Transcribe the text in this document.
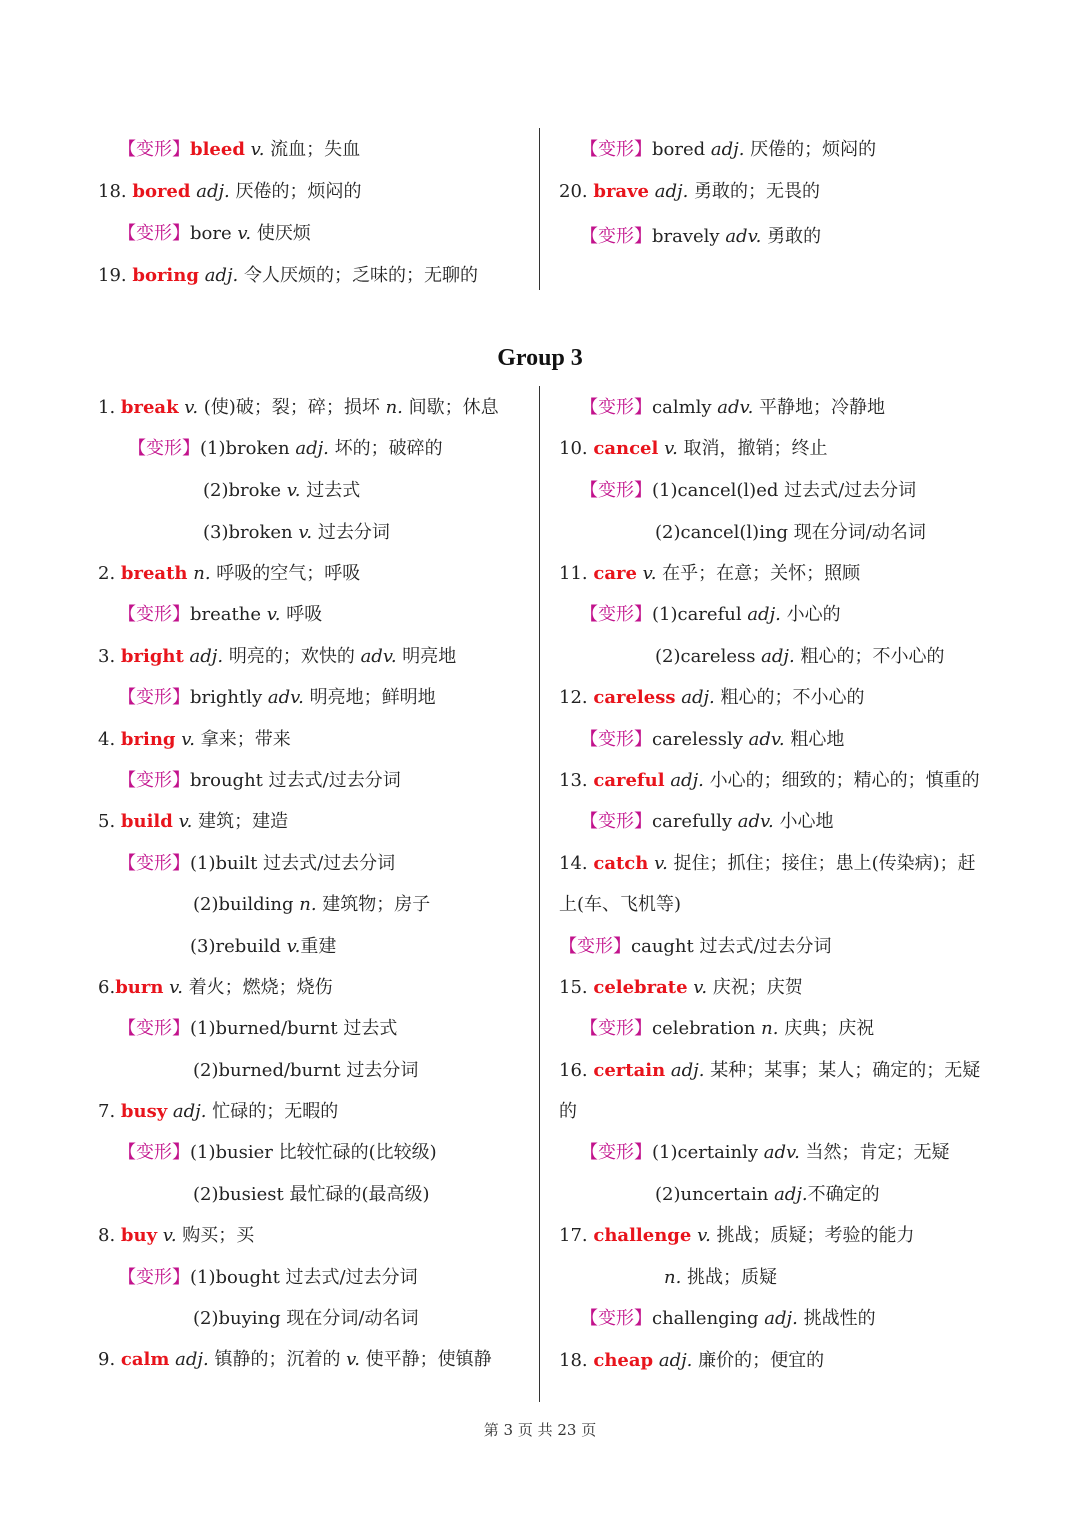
Group 3
【变形】bleed v. 流血；失血
18. bored adj. 厌倦的；烦闷的
【变形】bore v. 使厌烦
19. boring adj. 令人厌烦的；乏味的；无聊的
【变形】bored adj. 厌倦的；烦闷的
20. brave adj. 勇敢的；无畏的
【变形】bravely adv. 勇敢的
1. break v. (使)破；裂；碎；损坏 n. 间歇；休息
【变形】(1)broken adj. 坏的；破碎的
(2)broke v. 过去式
(3)broken v. 过去分词
2. breath n. 呼吸的空气；呼吸
【变形】breathe v. 呼吸
3. bright adj. 明亮的；欢快的 adv. 明亮地
【变形】brightly adv. 明亮地；鲜明地
4. bring v. 拿来；带来
【变形】brought 过去式/过去分词
5. build v. 建筑；建造
【变形】(1)built 过去式/过去分词
(2)building n. 建筑物；房子
(3)rebuild v.重建
6.burn v. 着火；燃烧；烧伤
【变形】(1)burned/burnt 过去式
(2)burned/burnt 过去分词
7. busy adj. 忙碌的；无暇的
【变形】(1)busier 比较忙碌的(比较级)
(2)busiest 最忙碌的(最高级)
8. buy v. 购买；买
【变形】(1)bought 过去式/过去分词
(2)buying 现在分词/动名词
9. calm adj. 镇静的；沉着的 v. 使平静；使镇静
【变形】calmly adv. 平静地；冷静地
10. cancel v. 取消，撤销；终止
【变形】(1)cancel(l)ed 过去式/过去分词
(2)cancel(l)ing 现在分词/动名词
11. care v. 在乎；在意；关怀；照顾
【变形】(1)careful adj. 小心的
(2)careless adj. 粗心的；不小心的
12. careless adj. 粗心的；不小心的
【变形】carelessly adv. 粗心地
13. careful adj. 小心的；细致的；精心的；慎重的
【变形】carefully adv. 小心地
14. catch v. 捉住；抓住；接住；患上(传染病)；赶
上(车、飞机等)
【变形】caught 过去式/过去分词
15. celebrate v. 庆祝；庆贺
【变形】celebration n. 庆典；庆祝
16. certain adj. 某种；某事；某人；确定的；无疑
的
【变形】(1)certainly adv. 当然；肯定；无疑
(2)uncertain adj.不确定的
17. challenge v. 挑战；质疑；考验的能力
n. 挑战；质疑
【变形】challenging adj. 挑战性的
18. cheap adj. 廉价的；便宜的
第 3 页 共 23 页
